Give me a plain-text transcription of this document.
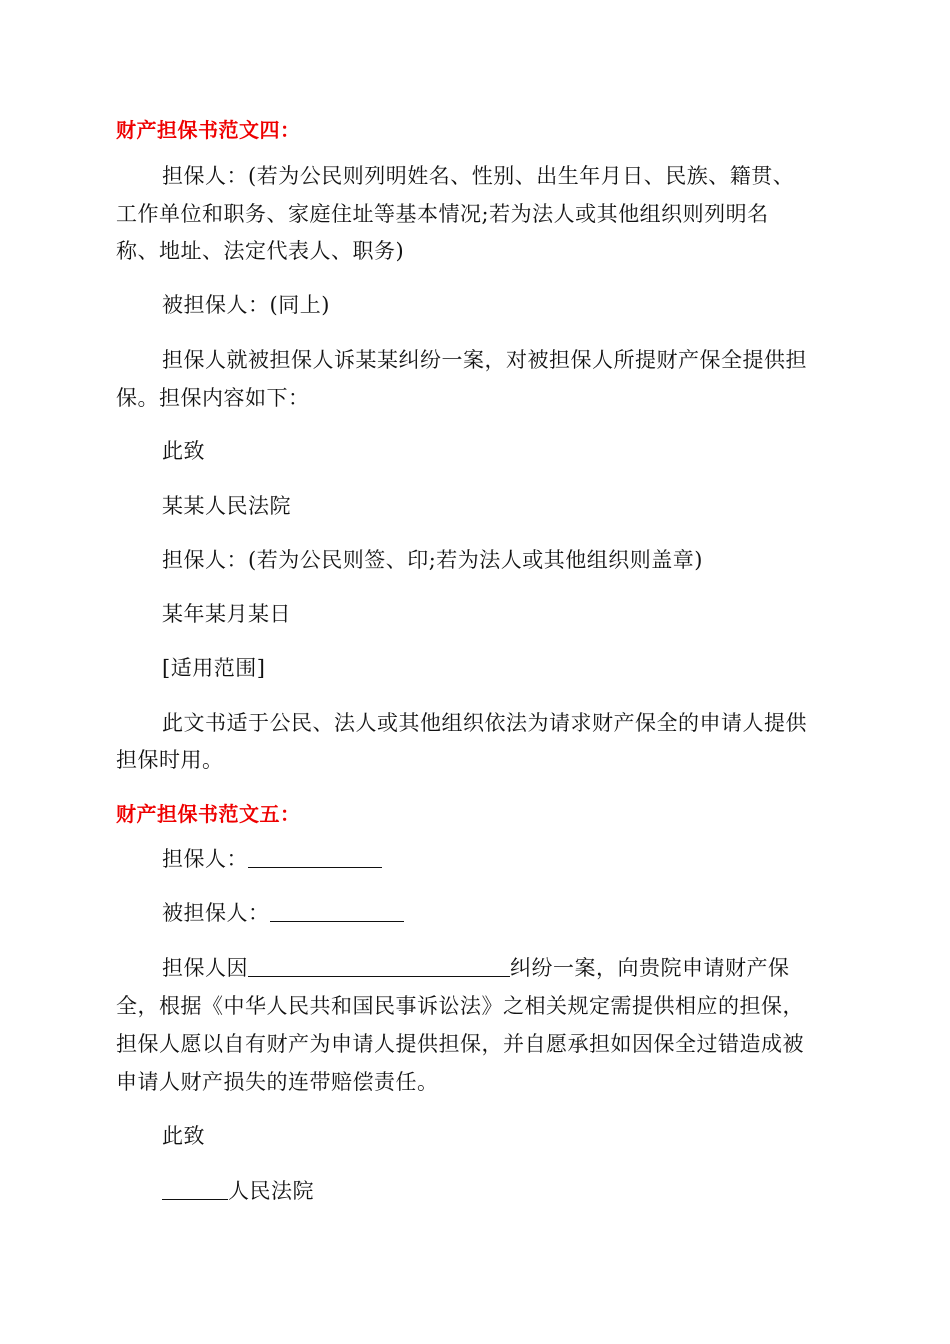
财产担保书范文四：
担保人：(若为公民则列明姓名、性别、出生年月日、民族、籍贯、
工作单位和职务、家庭住址等基本情况;若为法人或其他组织则列明名
称、地址、法定代表人、职务)
被担保人：(同上)
担保人就被担保人诉某某纠纷一案，对被担保人所提财产保全提供担
保。担保内容如下：
此致
某某人民法院
担保人：(若为公民则签、印;若为法人或其他组织则盖章)
某年某月某日
[适用范围]
此文书适于公民、法人或其他组织依法为请求财产保全的申请人提供
担保时用。
财产担保书范文五：
担保人：
被担保人：
担保人因	纠纷一案，向贵院申请财产保
全，根据《中华人民共和国民事诉讼法》之相关规定需提供相应的担保，
担保人愿以自有财产为申请人提供担保，并自愿承担如因保全过错造成被
申请人财产损失的连带赔偿责任。
此致
人民法院
